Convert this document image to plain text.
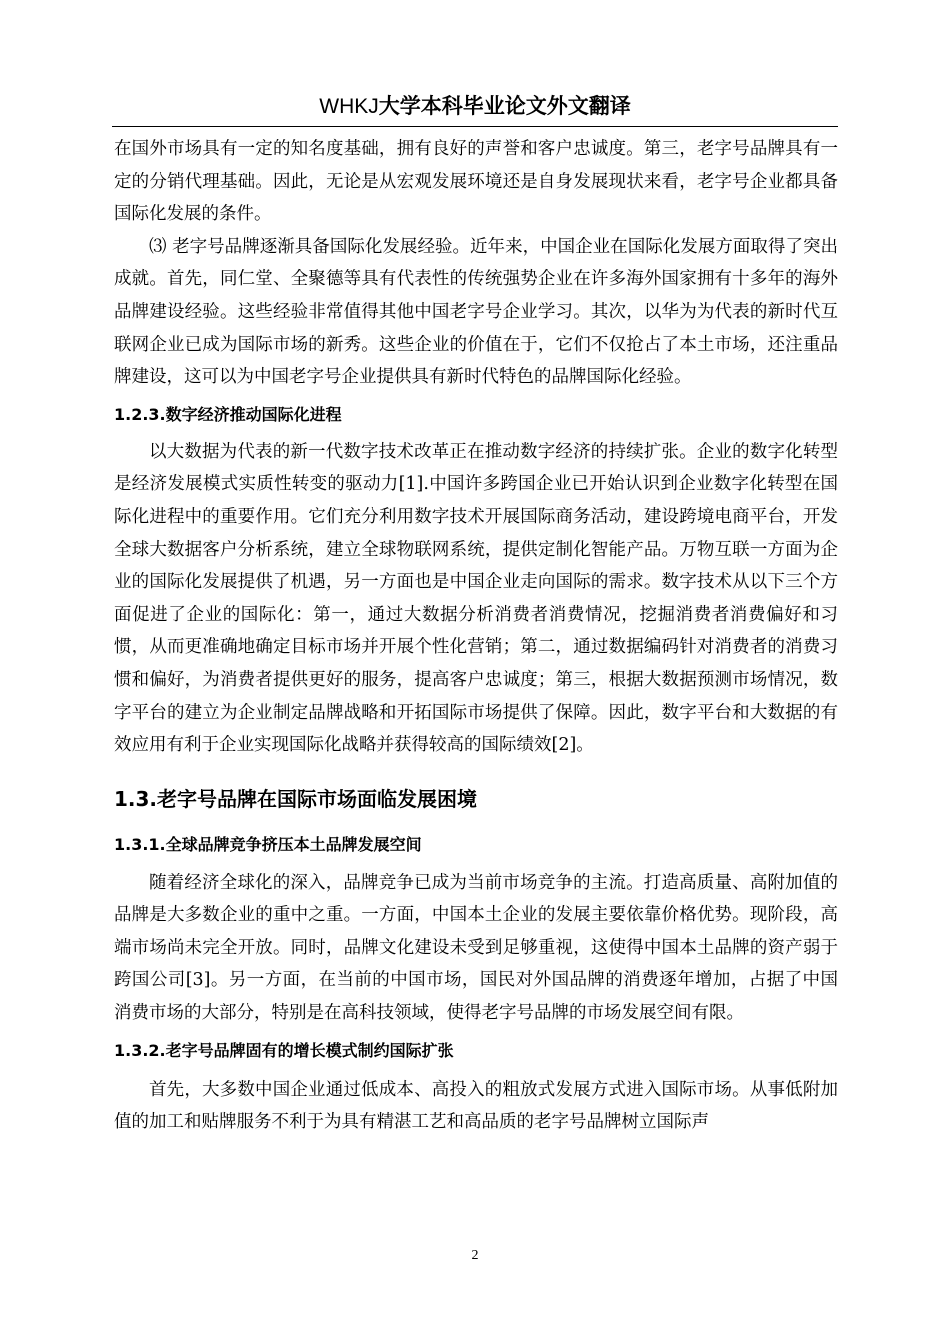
WHKJ大学本科毕业论文外文翻译

在国外市场具有一定的知名度基础，拥有良好的声誉和客户忠诚度。第三，老字号品牌具有一定的分销代理基础。因此，无论是从宏观发展环境还是自身发展现状来看，老字号企业都具备国际化发展的条件。

⑶ 老字号品牌逐渐具备国际化发展经验。近年来，中国企业在国际化发展方面取得了突出成就。首先，同仁堂、全聚德等具有代表性的传统强势企业在许多海外国家拥有十多年的海外品牌建设经验。这些经验非常值得其他中国老字号企业学习。其次，以华为为代表的新时代互联网企业已成为国际市场的新秀。这些企业的价值在于，它们不仅抢占了本土市场，还注重品牌建设，这可以为中国老字号企业提供具有新时代特色的品牌国际化经验。

1.2.3.数字经济推动国际化进程

以大数据为代表的新一代数字技术改革正在推动数字经济的持续扩张。企业的数字化转型是经济发展模式实质性转变的驱动力[1].中国许多跨国企业已开始认识到企业数字化转型在国际化进程中的重要作用。它们充分利用数字技术开展国际商务活动，建设跨境电商平台，开发全球大数据客户分析系统，建立全球物联网系统，提供定制化智能产品。万物互联一方面为企业的国际化发展提供了机遇，另一方面也是中国企业走向国际的需求。数字技术从以下三个方面促进了企业的国际化：第一，通过大数据分析消费者消费情况，挖掘消费者消费偏好和习惯，从而更准确地确定目标市场并开展个性化营销；第二，通过数据编码针对消费者的消费习惯和偏好，为消费者提供更好的服务，提高客户忠诚度；第三，根据大数据预测市场情况，数字平台的建立为企业制定品牌战略和开拓国际市场提供了保障。因此，数字平台和大数据的有效应用有利于企业实现国际化战略并获得较高的国际绩效[2]。

1.3.老字号品牌在国际市场面临发展困境
1.3.1.全球品牌竞争挤压本土品牌发展空间

随着经济全球化的深入，品牌竞争已成为当前市场竞争的主流。打造高质量、高附加值的品牌是大多数企业的重中之重。一方面，中国本土企业的发展主要依靠价格优势。现阶段，高端市场尚未完全开放。同时，品牌文化建设未受到足够重视，这使得中国本土品牌的资产弱于跨国公司[3]。另一方面，在当前的中国市场，国民对外国品牌的消费逐年增加，占据了中国消费市场的大部分，特别是在高科技领域，使得老字号品牌的市场发展空间有限。

1.3.2.老字号品牌固有的增长模式制约国际扩张

首先，大多数中国企业通过低成本、高投入的粗放式发展方式进入国际市场。从事低附加值的加工和贴牌服务不利于为具有精湛工艺和高品质的老字号品牌树立国际声

2
